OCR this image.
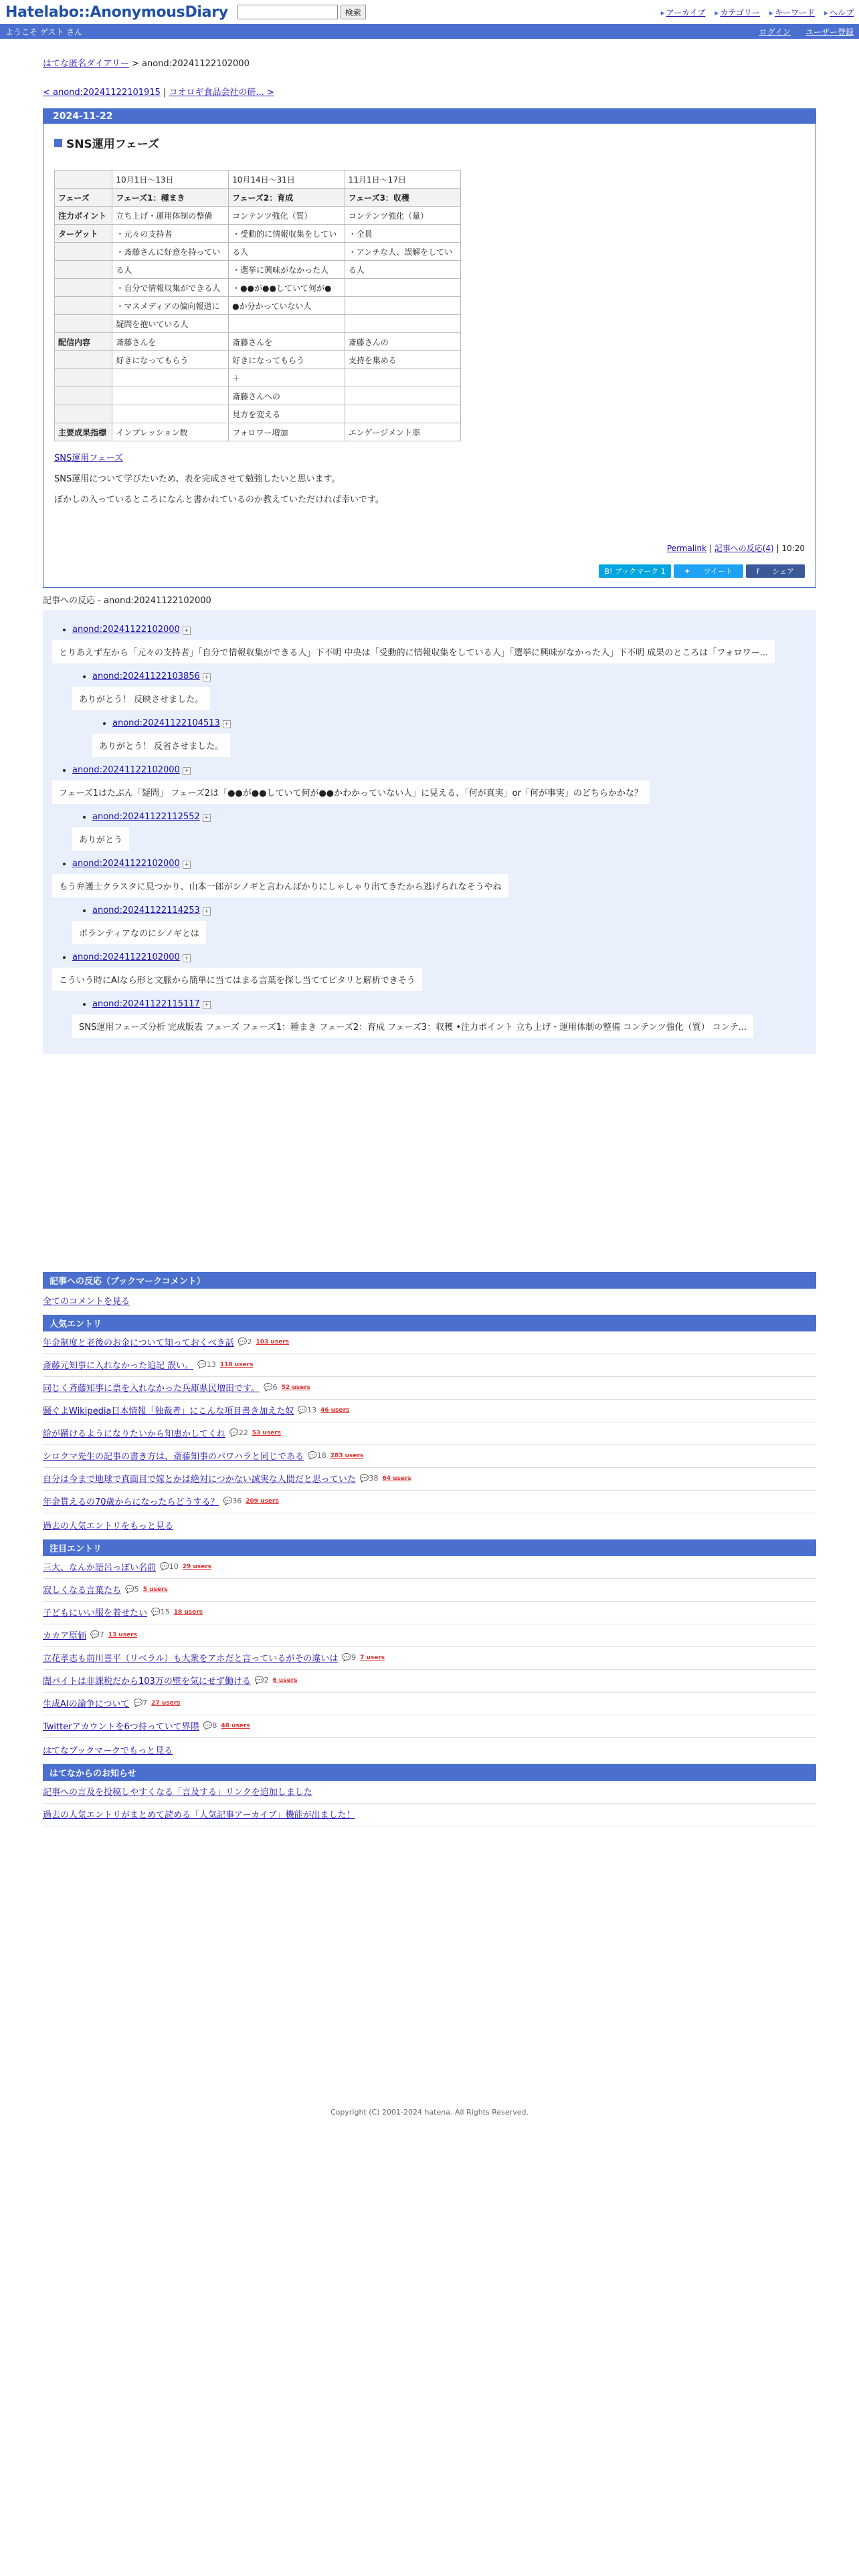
Hatelabo::AnonymousDiary	検索	▸ アーカイブ	▸ カテゴリー	▸ キーワード	▸ ヘルプ
ようこそ ゲスト さん	ログイン ユーザー登録
はてな匿名ダイアリー > anond:20241122102000
< anond:20241122101915 | コオロギ食品会社の研... >
2024-11-22
SNS運用フェーズ
	10月1日〜13日	10月14日〜31日	11月1日〜17日
フェーズ	フェーズ1：種まき	フェーズ2：育成	フェーズ3：収穫
注力ポイント	立ち上げ・運用体制の整備	コンテンツ強化（質）	コンテンツ強化（量）
ターゲット	・元々の支持者	・受動的に情報収集をしてい	・全員
	・斎藤さんに好意を持ってい	る人	・アンチな人、誤解をしてい
	る人	・選挙に興味がなかった人	る人
	・自分で情報収集ができる人	・●●が●●していて何が●	
	・マスメディアの偏向報道に	●か分かっていない人	
	疑問を抱いている人		
配信内容	斎藤さんを	斎藤さんを	斎藤さんの
	好きになってもらう	好きになってもらう	支持を集める
		＋	
		斎藤さんへの	
		見方を変える	
主要成果指標	インプレッション数	フォロワー増加	エンゲージメント率
SNS運用フェーズ

SNS運用について学びたいため、表を完成させて勉強したいと思います。

ぼかしの入っているところになんと書かれているのか教えていただければ幸いです。

Permalink | 記事への反応(4) | 10:20
B! ブックマーク 1	✦ ツイート	f シェア
記事への反応 - anond:20241122102000
• anond:20241122102000 +
とりあえず左から「元々の支持者」「自分で情報収集ができる人」下不明 中央は「受動的に情報収集をしている人」「選挙に興味がなかった人」下不明 成果のところは「フォロワー...
• anond:20241122103856 +
ありがとう！ 反映させました。
• anond:20241122104513 +
ありがとう！ 反省させました。
• anond:20241122102000 +
フェーズ1はたぶん「疑問」 フェーズ2は「●●が●●していて何が●●かわかっていない人」に見える、「何が真実」or「何が事実」のどちらかかな？
• anond:20241122112552 +
ありがとう
• anond:20241122102000 +
もう弁護士クラスタに見つかり、山本一郎がシノギと言わんばかりにしゃしゃり出てきたから逃げられなそうやね
• anond:20241122114253 +
ボランティアなのにシノギとは
• anond:20241122102000 +
こういう時にAIなら形と文脈から簡単に当てはまる言葉を探し当ててピタリと解析できそう
• anond:20241122115117 +
SNS運用フェーズ分析 完成版表 フェーズ フェーズ1：種まき フェーズ2：育成 フェーズ3：収穫 •注力ポイント 立ち上げ・運用体制の整備 コンテンツ強化（質） コンテ...
記事への反応（ブックマークコメント）
全てのコメントを見る
人気エントリ
年金制度と老後のお金について知っておくべき話 💬2 103 users
斎藤元知事に入れなかった追記 誤い。 💬13 118 users
同じく斉藤知事に票を入れなかった兵庫県民増田です。 💬6 52 users
騒ぐよWikipedia日本情報「独裁者」にこんな項目書き加えた奴 💬13 46 users
給が踊けるようになりたいから知恵かしてくれ 💬22 53 users
シロクマ先生の記事の書き方は、斎藤知事のパワハラと同じである 💬18 283 users
自分は今まで地球で真面目で嫁とかは絶対につかない誠実な人間だと思っていた 💬38 64 users
年金貰えるの70歳からになったらどうする？ 💬36 209 users
過去の人気エントリをもっと見る
注目エントリ
三大、なんか語呂っぽい名前 💬10 29 users
寂しくなる言葉たち 💬5 5 users
子どもにいい服を着せたい 💬15 18 users
カカア原価 💬7 13 users
立花孝志も前川喜平（リベラル）も大衆をアホだと言っているがその違いは 💬9 7 users
闇バイトは非課税だから103万の壁を気にせず働ける 💬2 6 users
生成AIの論争について 💬7 27 users
Twitterアカウントを6つ持っていて界隈 💬8 48 users
はてなブックマークでもっと見る
はてなからのお知らせ
記事への言及を投稿しやすくなる「言及する」リンクを追加しました
過去の人気エントリがまとめて読める「人気記事アーカイブ」機能が出ました！
Copyright (C) 2001-2024 hatena. All Rights Reserved.
